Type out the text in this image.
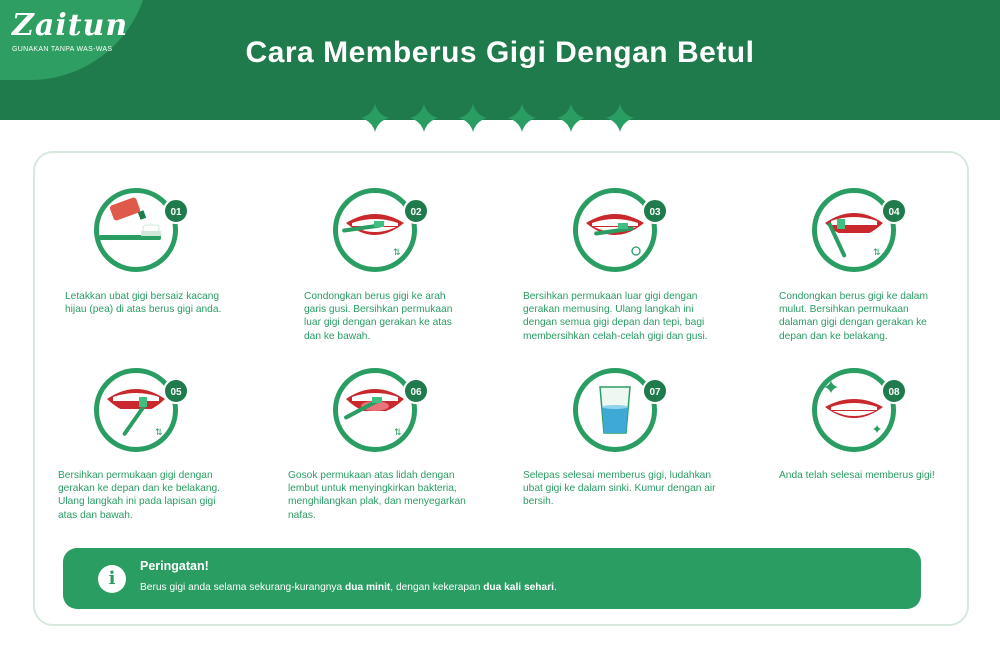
Zaitun
GUNAKAN TANPA WAS-WAS	Cara Memberus Gigi Dengan Betul
01
Letakkan ubat gigi bersaiz kacang hijau (pea) di atas berus gigi anda.
⇅
02
Condongkan berus gigi ke arah garis gusi. Bersihkan permukaan luar gigi dengan gerakan ke atas dan ke bawah.
03
Bersihkan permukaan luar gigi dengan gerakan memusing. Ulang langkah ini dengan semua gigi depan dan tepi, bagi membersihkan celah-celah gigi dan gusi.
⇅
04
Condongkan berus gigi ke dalam mulut. Bersihkan permukaan dalaman gigi dengan gerakan ke depan dan ke belakang.
⇅
05
Bersihkan permukaan gigi dengan gerakan ke depan dan ke belakang. Ulang langkah ini pada lapisan gigi atas dan bawah.
⇅
06
Gosok permukaan atas lidah dengan lembut untuk menyingkirkan bakteria, menghilangkan plak, dan menyegarkan nafas.
07
Selepas selesai memberus gigi, ludahkan ubat gigi ke dalam sinki. Kumur dengan air bersih.
08
Anda telah selesai memberus gigi!
i
Peringatan!
Berus gigi anda selama sekurang-kurangnya dua minit, dengan kekerapan dua kali sehari.
